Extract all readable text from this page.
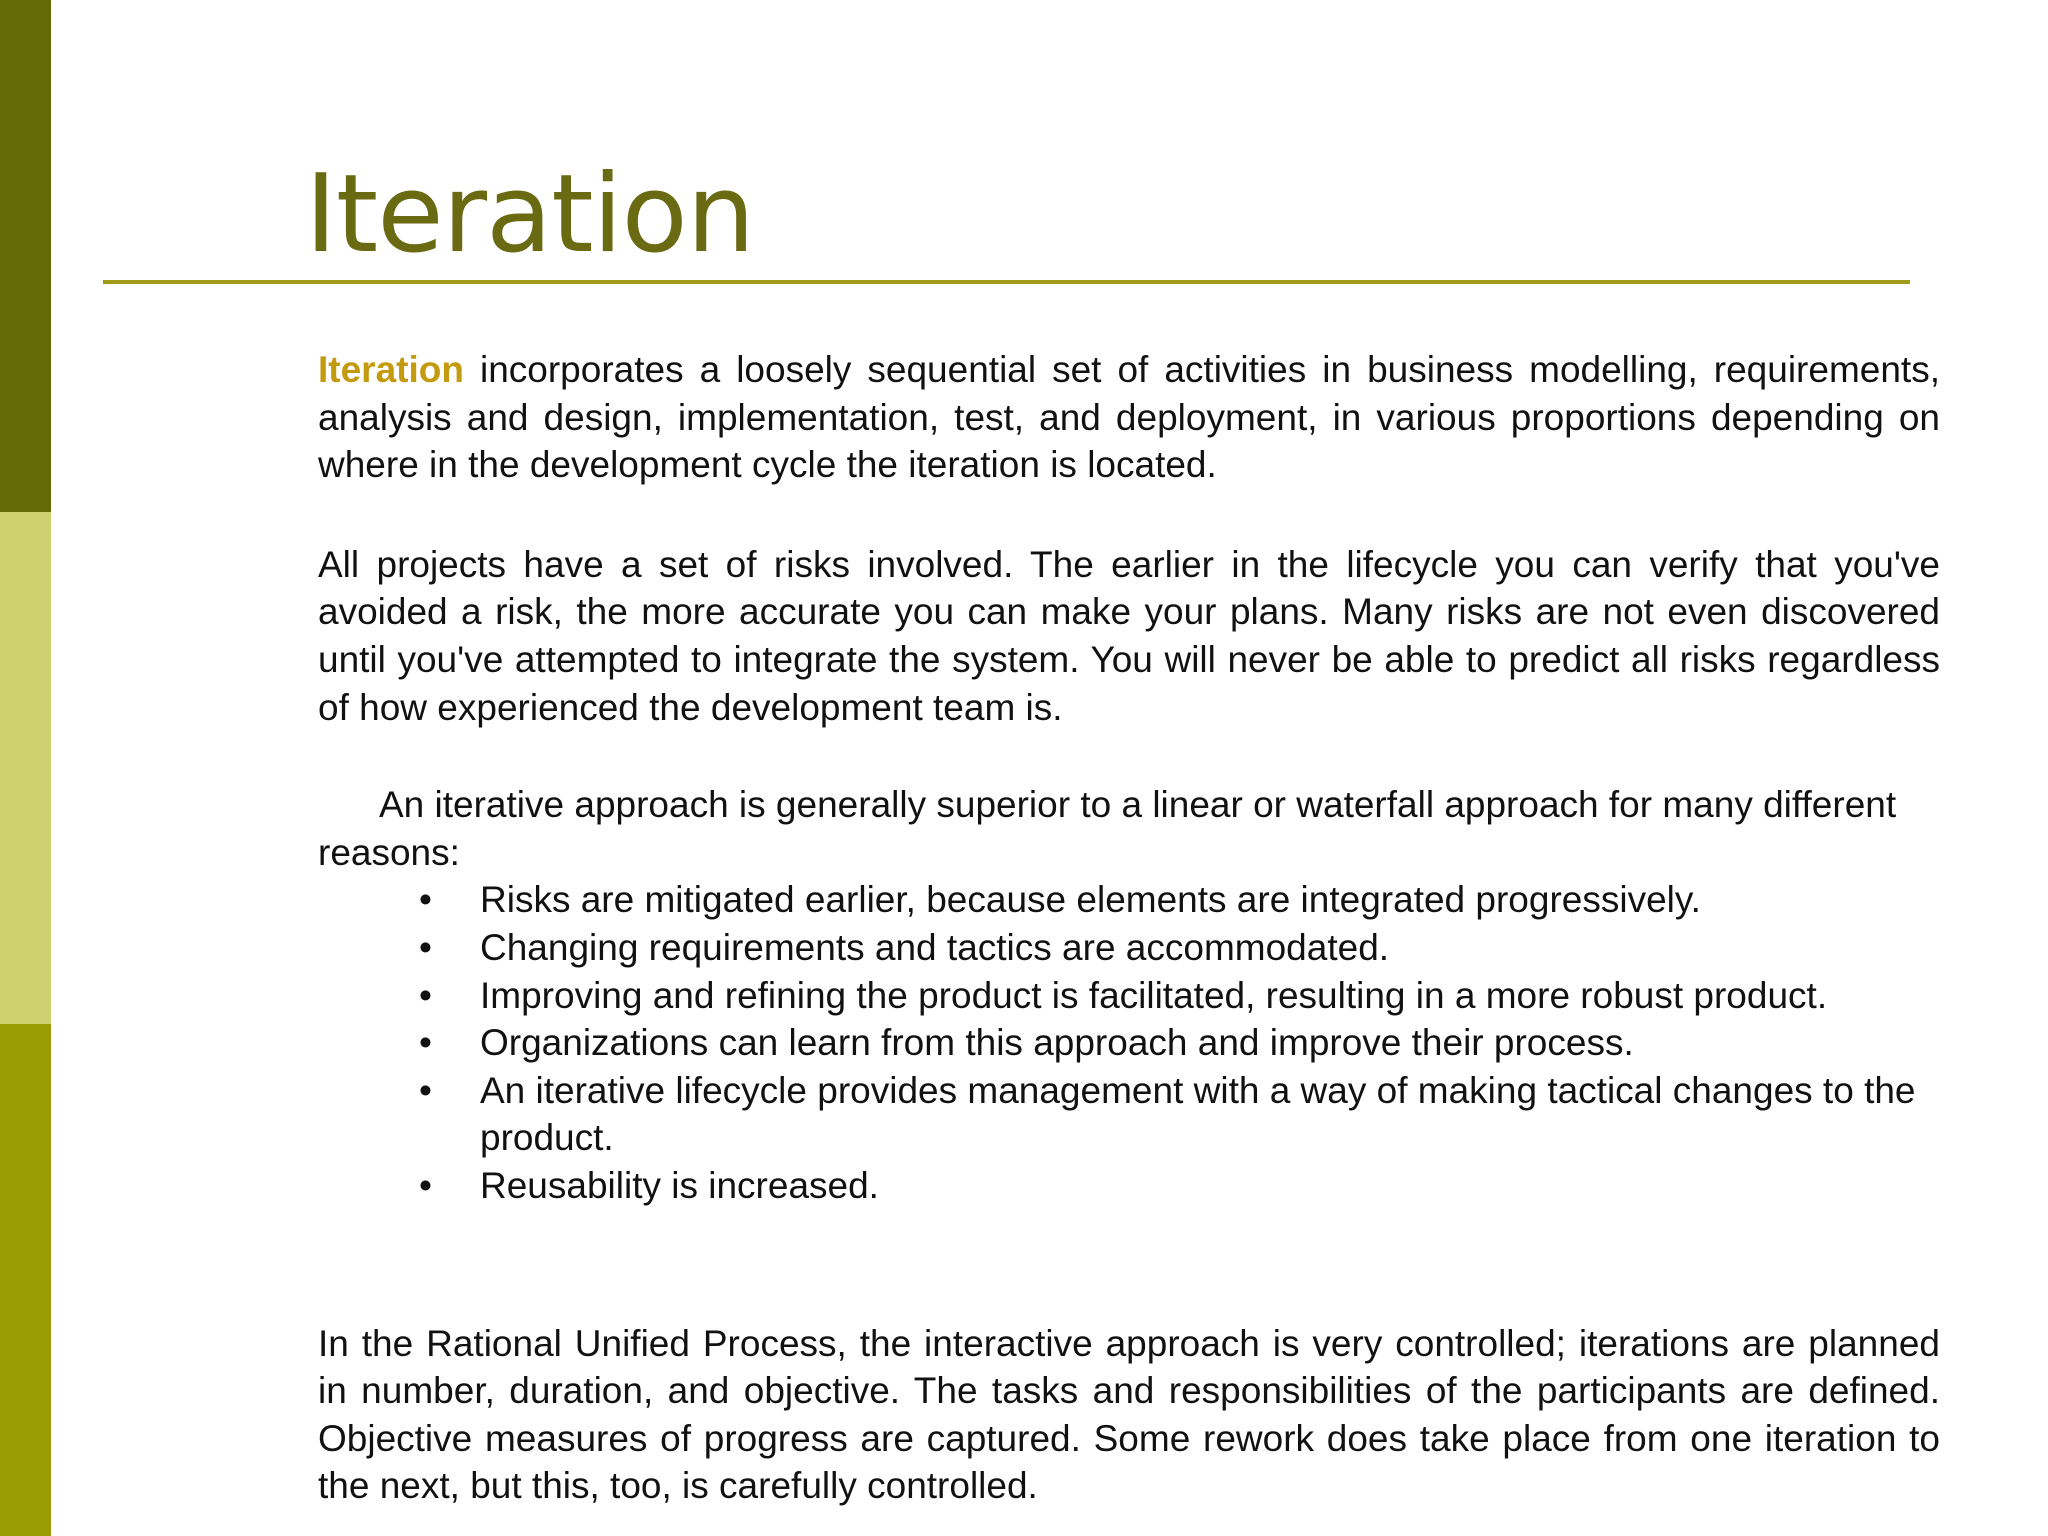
Iteration

Iteration incorporates a loosely sequential set of activities in business modelling, requirements, analysis and design, implementation, test, and deployment, in various proportions depending on where in the development cycle the iteration is located.

All projects have a set of risks involved. The earlier in the lifecycle you can verify that you've avoided a risk, the more accurate you can make your plans. Many risks are not even discovered until you've attempted to integrate the system. You will never be able to predict all risks regardless of how experienced the development team is.

An iterative approach is generally superior to a linear or waterfall approach for many different reasons:

• Risks are mitigated earlier, because elements are integrated progressively.
• Changing requirements and tactics are accommodated.
• Improving and refining the product is facilitated, resulting in a more robust product.
• Organizations can learn from this approach and improve their process.
• An iterative lifecycle provides management with a way of making tactical changes to the product.
• Reusability is increased.

In the Rational Unified Process, the interactive approach is very controlled; iterations are planned in number, duration, and objective. The tasks and responsibilities of the participants are defined. Objective measures of progress are captured. Some rework does take place from one iteration to the next, but this, too, is carefully controlled.
